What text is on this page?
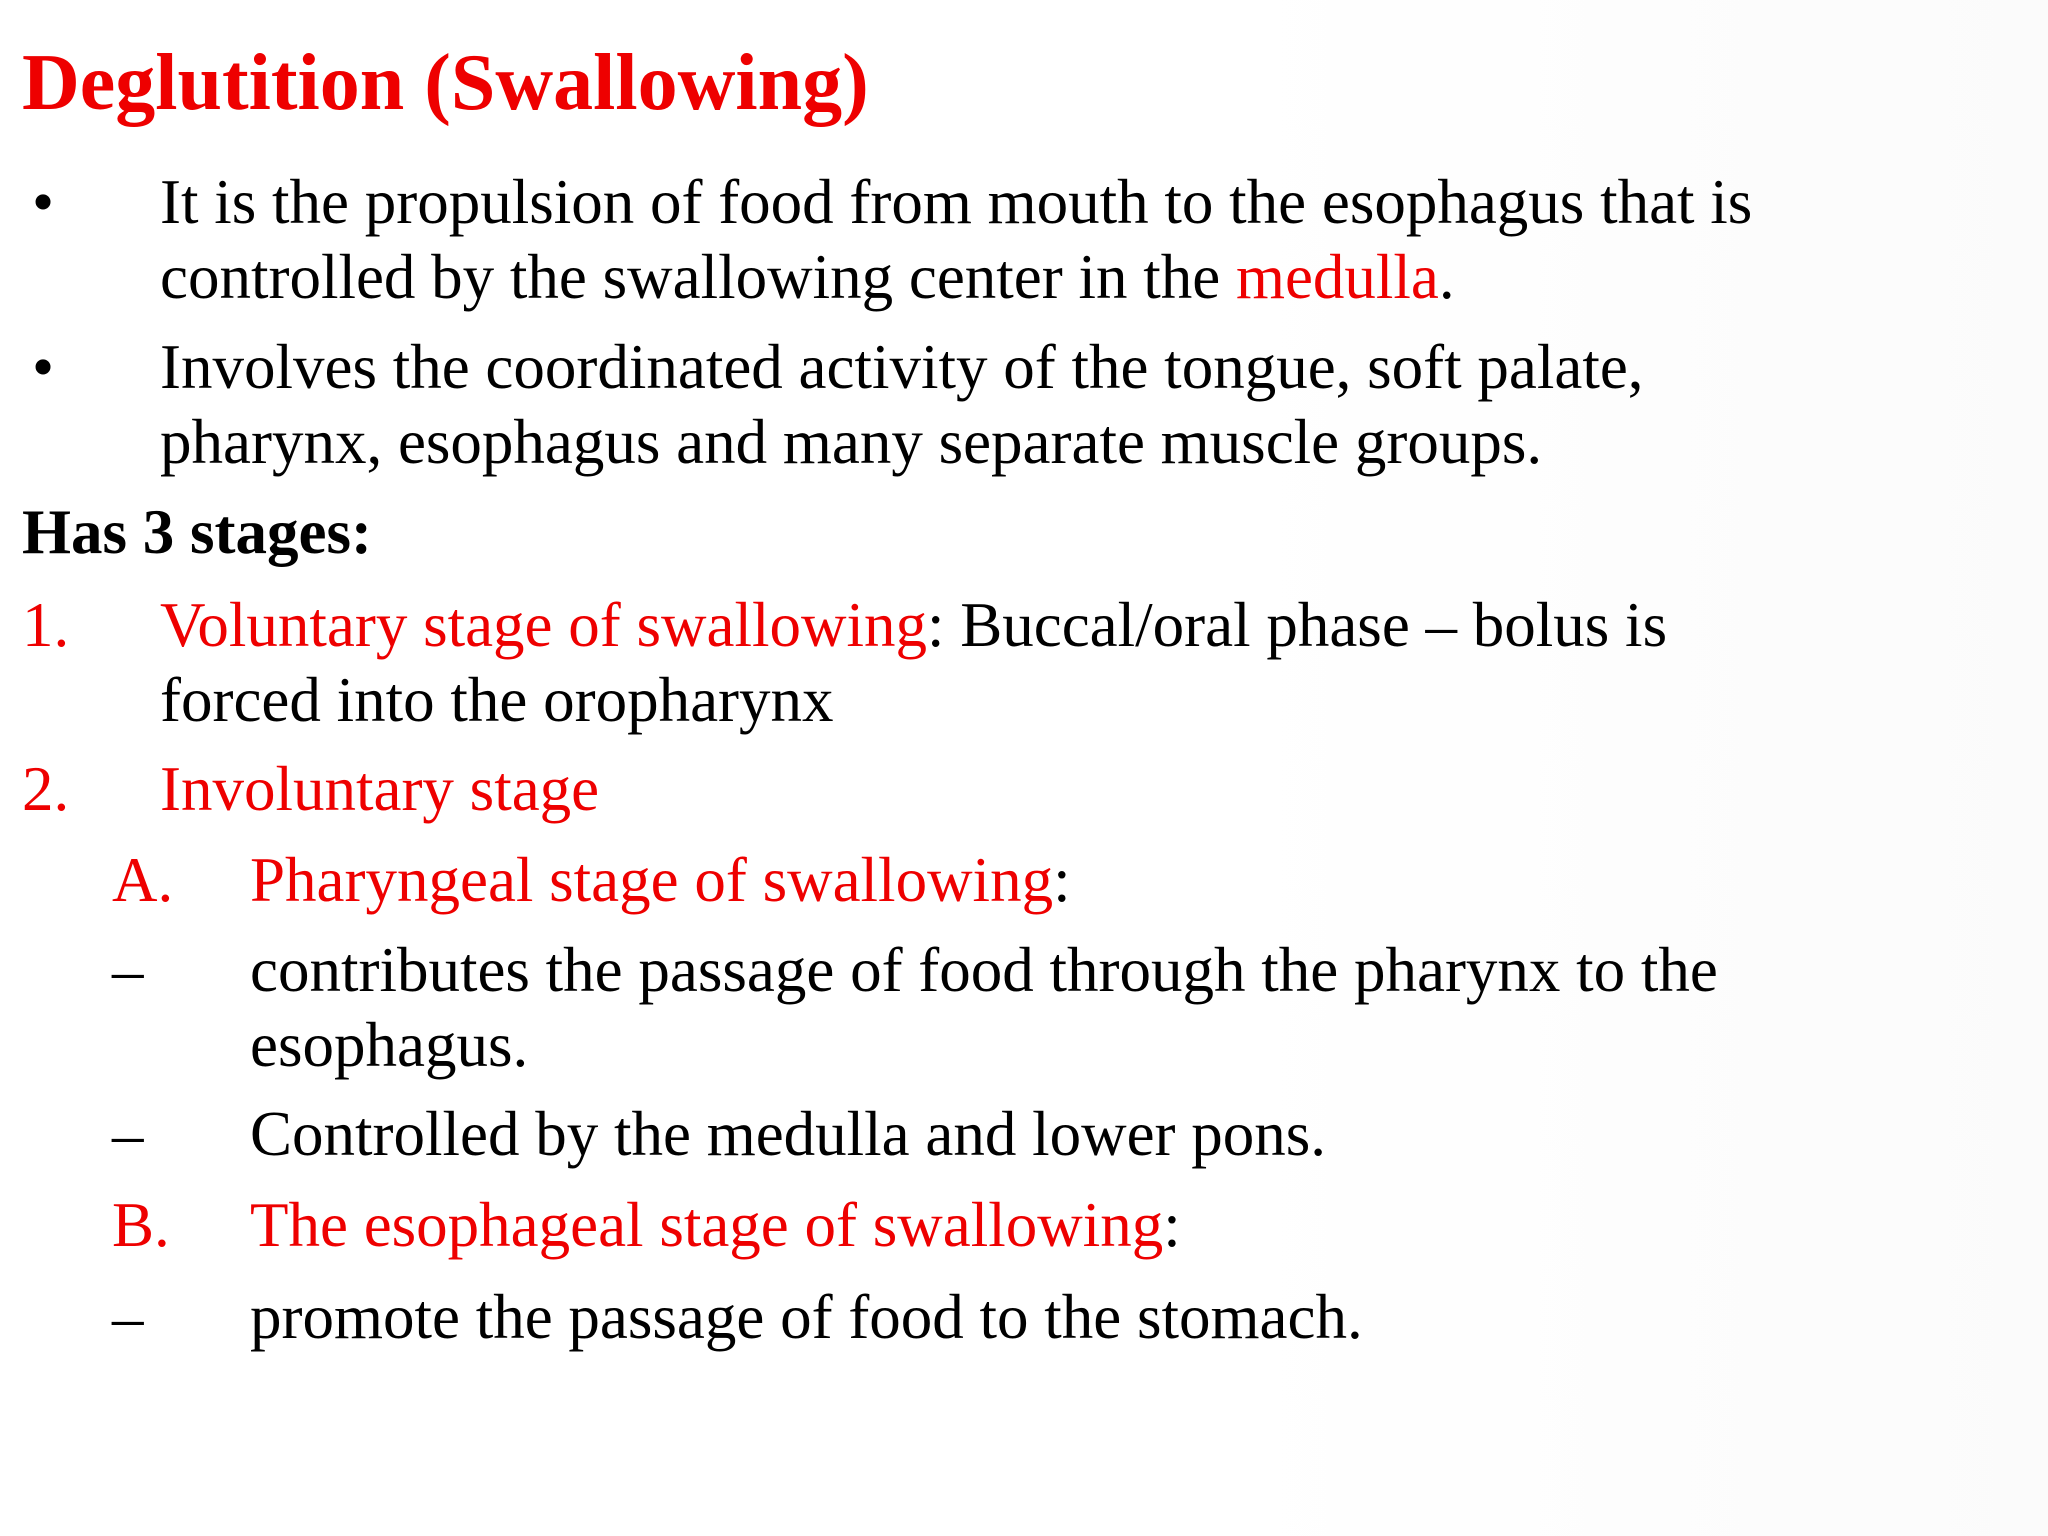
Deglutition (Swallowing)
• It is the propulsion of food from mouth to the esophagus that is
controlled by the swallowing center in the medulla.
• Involves the coordinated activity of the tongue, soft palate,
pharynx, esophagus and many separate muscle groups.
Has 3 stages:
1. Voluntary stage of swallowing: Buccal/oral phase – bolus is
forced into the oropharynx
2. Involuntary stage
A. Pharyngeal stage of swallowing:
– contributes the passage of food through the pharynx to the
esophagus.
– Controlled by the medulla and lower pons.
B. The esophageal stage of swallowing:
– promote the passage of food to the stomach.
